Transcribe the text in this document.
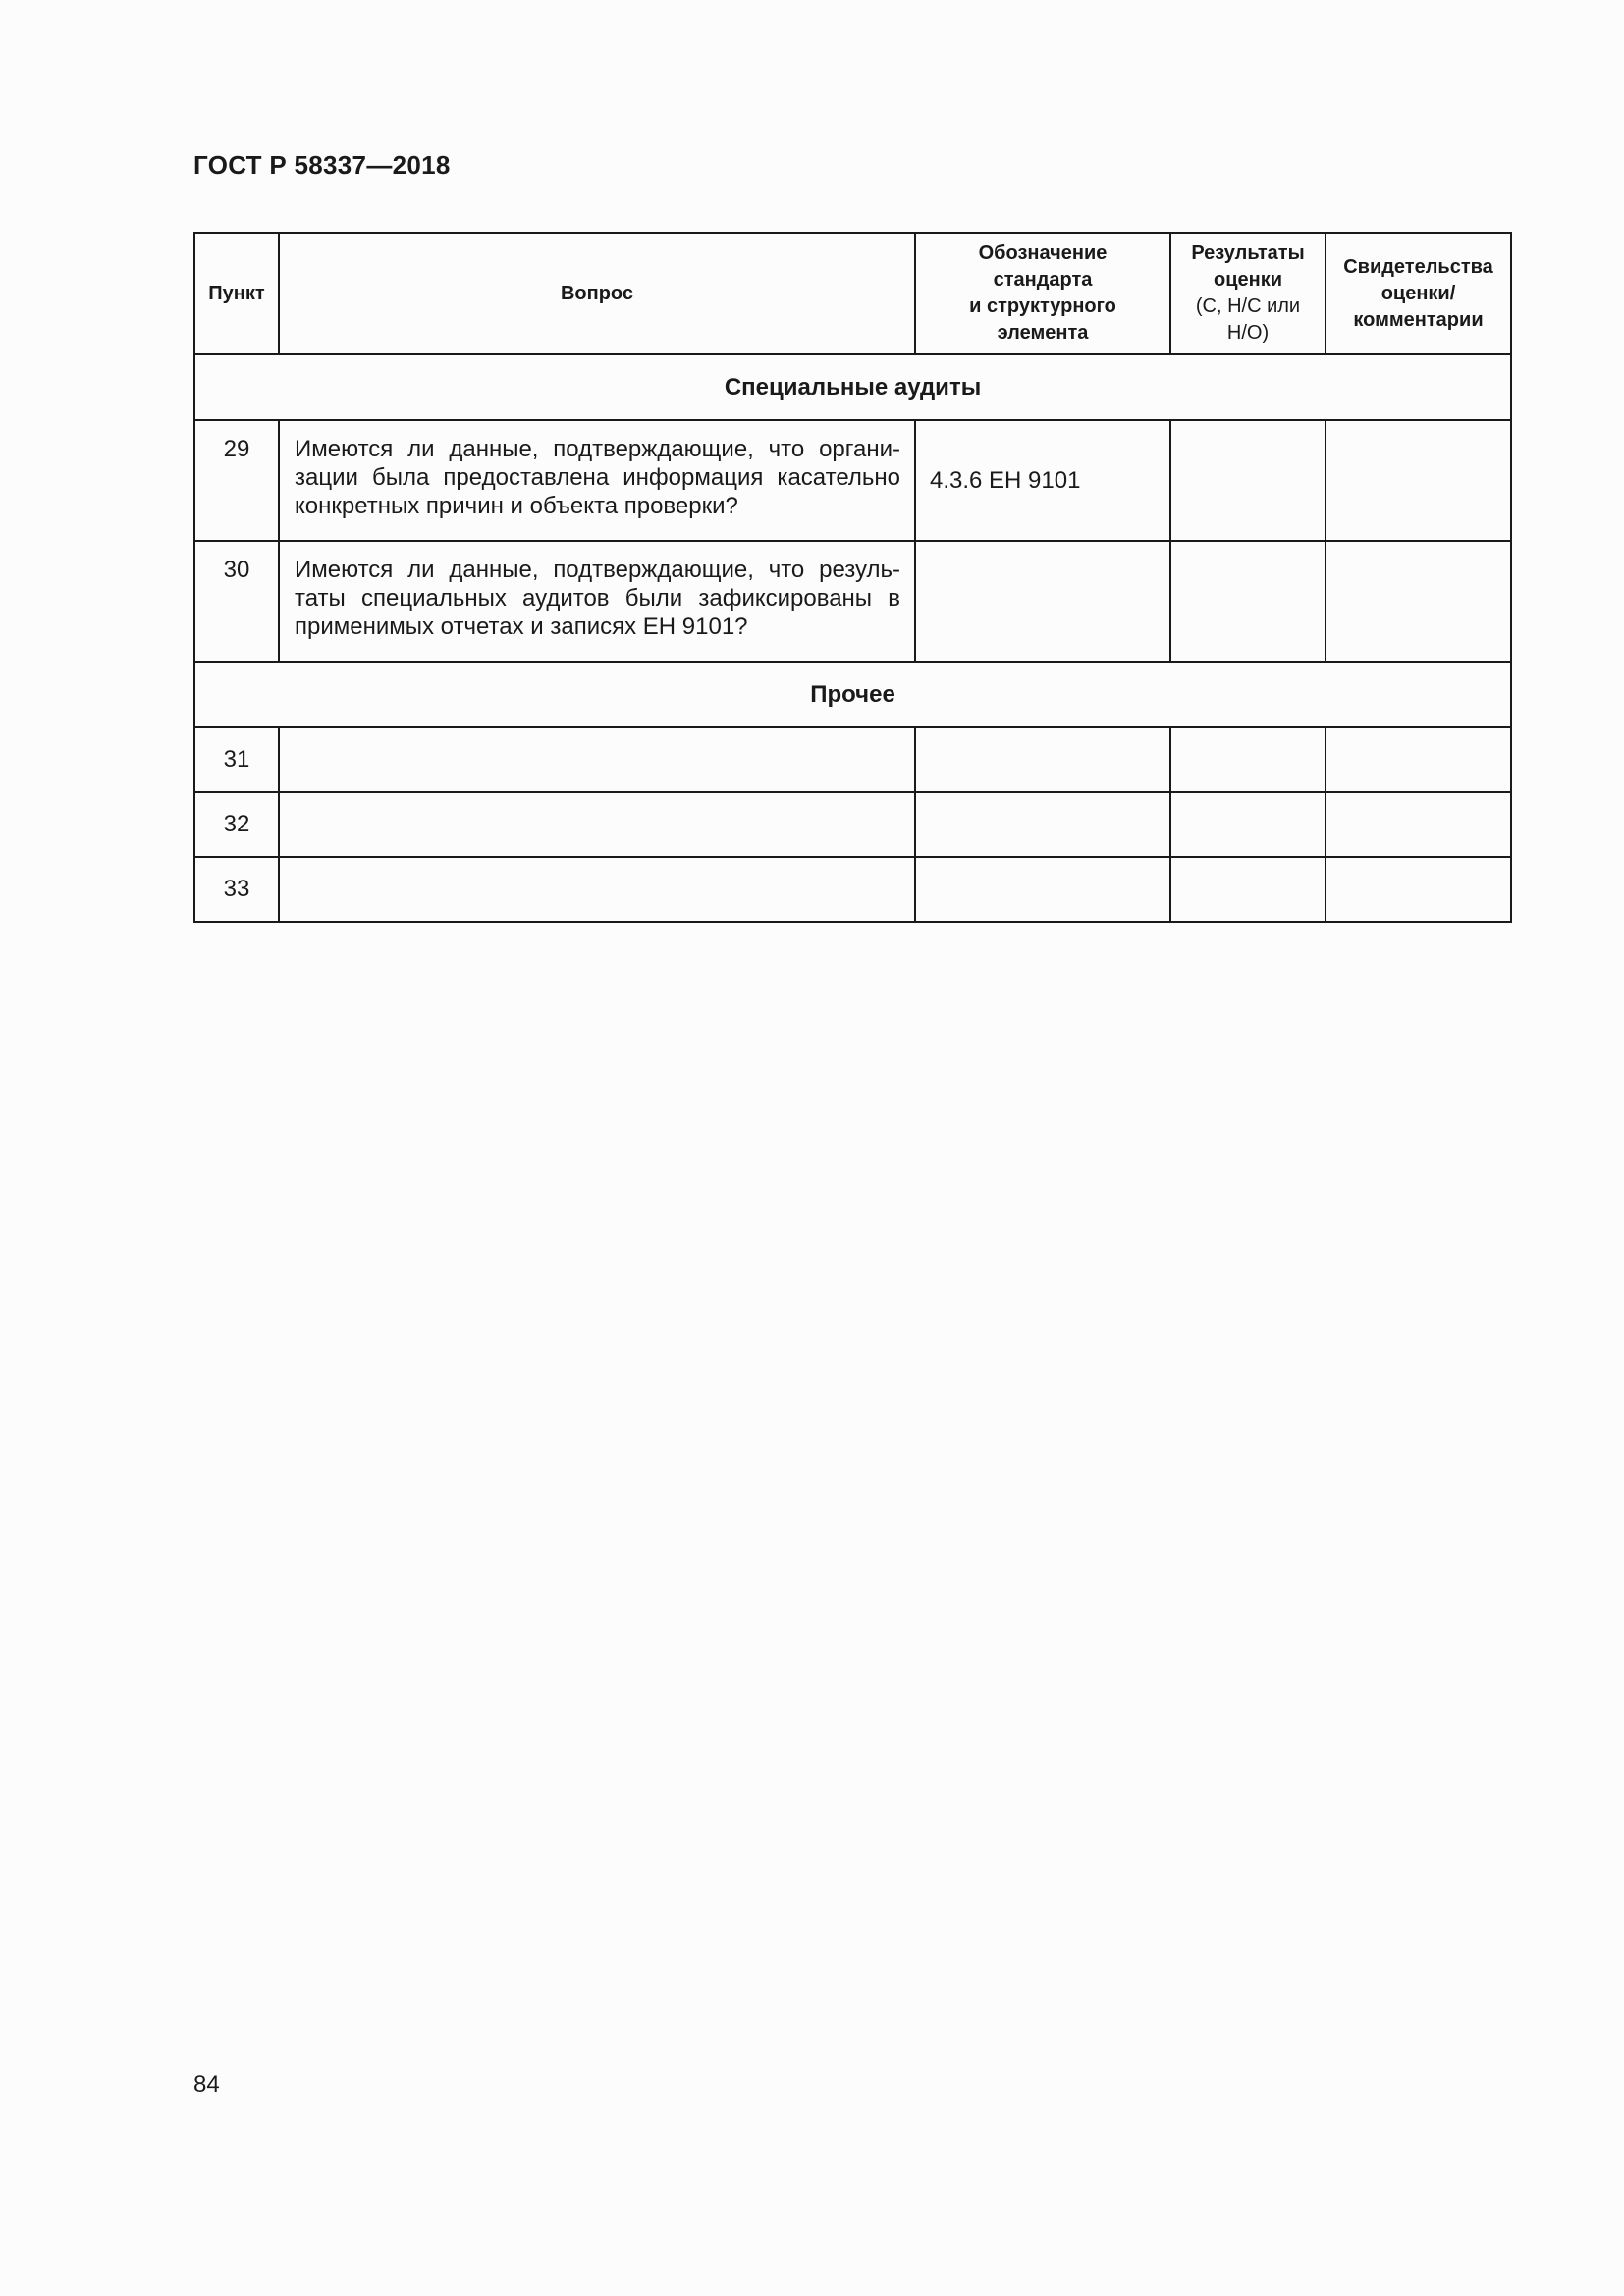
ГОСТ Р 58337—2018
Пункт	Вопрос	Обозначение
стандарта
и структурного
элемента	Результаты
оценки
(С, Н/С или
Н/О)	Свидетельства
оценки/
комментарии
Специальные аудиты				
29	Имеются ли данные, подтверждающие, что органи-
зации была предоставлена информация касательно
конкретных причин и объекта проверки?	4.3.6 ЕН 9101		
30	Имеются ли данные, подтверждающие, что резуль-
таты специальных аудитов были зафиксированы в
применимых отчетах и записях ЕН 9101?			

Прочее				
31				
32				
33				
84
